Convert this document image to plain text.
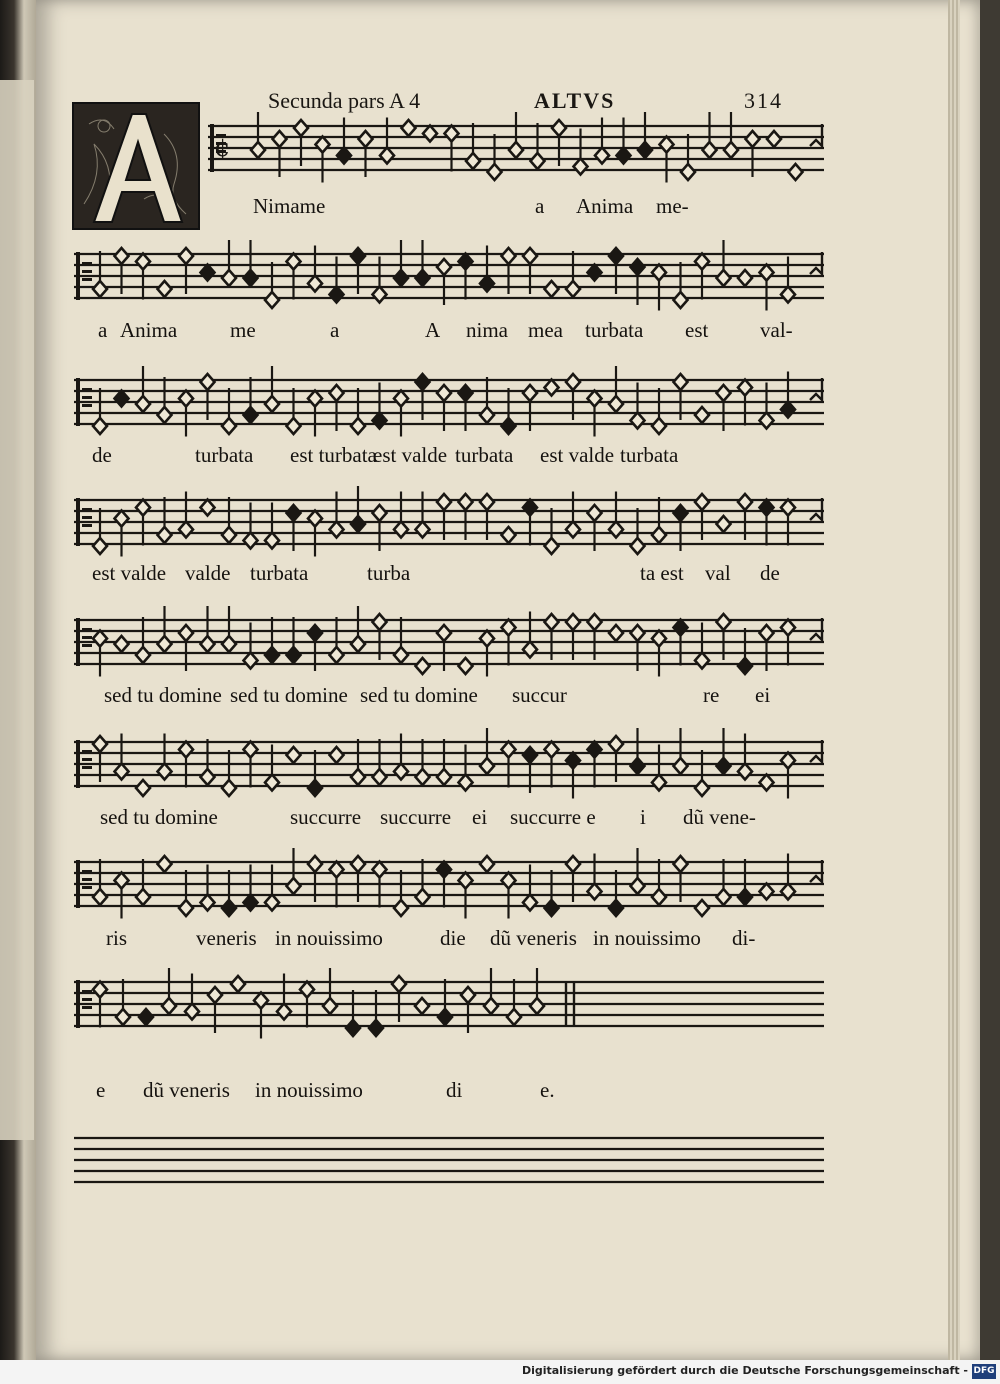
Secunda pars A 4	ALTVS	314
¢
Nimame	a Anima me-
a Anima	me	a	A nima mea turbata est val-
de	turbata est turbata
est valde turbata est valde turbata
est valde valde turbata	turba	ta est val de
sed tu domine sed tu domine sed tu domine succur	re ei
sed tu domine	succurre succurre ei succurre e i dũ vene-
ris	veneris in nouissimo	die dũ veneris in nouissimo di-
e dũ veneris in nouissimo	di	e.
Digitalisierung gefördert durch die Deutsche Forschungsgemeinschaft - DFG
